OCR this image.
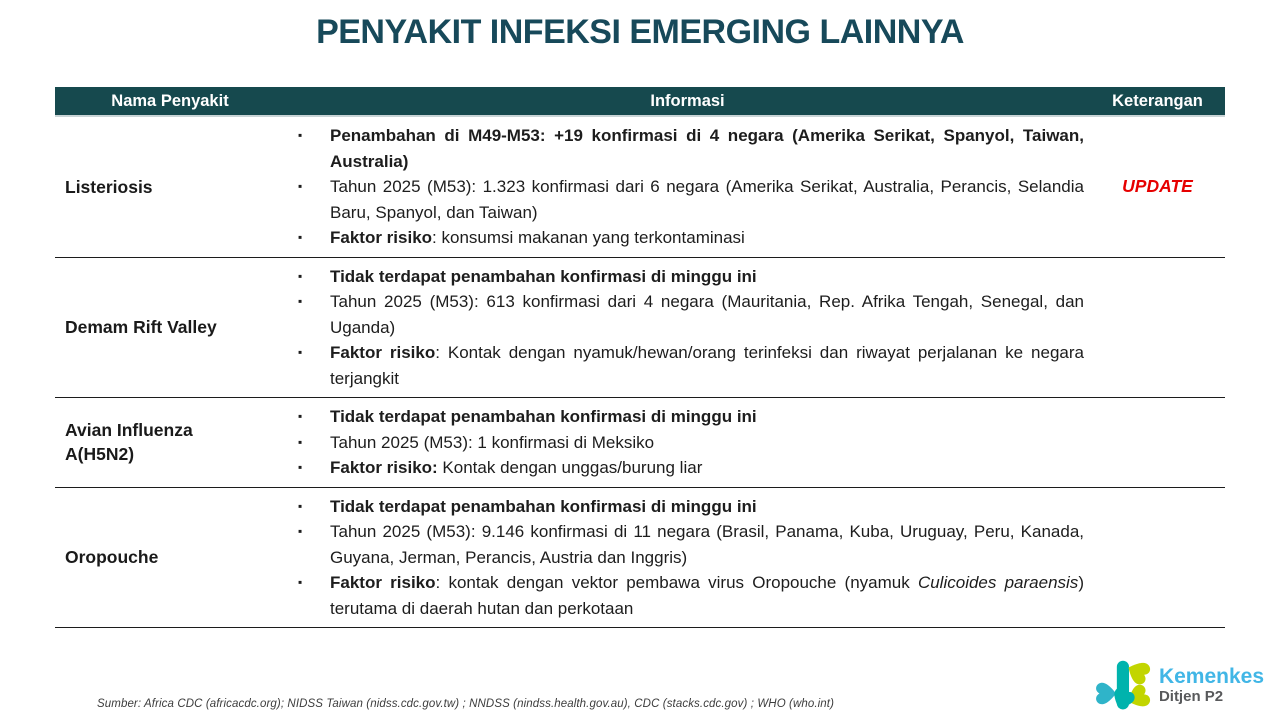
PENYAKIT INFEKSI EMERGING LAINNYA
Nama Penyakit	Informasi	Keterangan
Listeriosis
▪ Penambahan di M49-M53: +19 konfirmasi di 4 negara (Amerika Serikat, Spanyol, Taiwan, Australia)
▪ Tahun 2025 (M53): 1.323 konfirmasi dari 6 negara (Amerika Serikat, Australia, Perancis, Selandia Baru, Spanyol, dan Taiwan)
▪ Faktor risiko: konsumsi makanan yang terkontaminasi
UPDATE
Demam Rift Valley
▪ Tidak terdapat penambahan konfirmasi di minggu ini
▪ Tahun 2025 (M53): 613 konfirmasi dari 4 negara (Mauritania, Rep. Afrika Tengah, Senegal, dan Uganda)
▪ Faktor risiko: Kontak dengan nyamuk/hewan/orang terinfeksi dan riwayat perjalanan ke negara terjangkit
Avian Influenza A(H5N2)
▪ Tidak terdapat penambahan konfirmasi di minggu ini
▪ Tahun 2025 (M53): 1 konfirmasi di Meksiko
▪ Faktor risiko: Kontak dengan unggas/burung liar
Oropouche
▪ Tidak terdapat penambahan konfirmasi di minggu ini
▪ Tahun 2025 (M53): 9.146 konfirmasi di 11 negara (Brasil, Panama, Kuba, Uruguay, Peru, Kanada, Guyana, Jerman, Perancis, Austria dan Inggris)
▪ Faktor risiko: kontak dengan vektor pembawa virus Oropouche (nyamuk Culicoides paraensis) terutama di daerah hutan dan perkotaan
Sumber: Africa CDC (africacdc.org); NIDSS Taiwan (nidss.cdc.gov.tw) ; NNDSS (nindss.health.gov.au), CDC (stacks.cdc.gov) ; WHO (who.int)
Kemenkes
Ditjen P2
